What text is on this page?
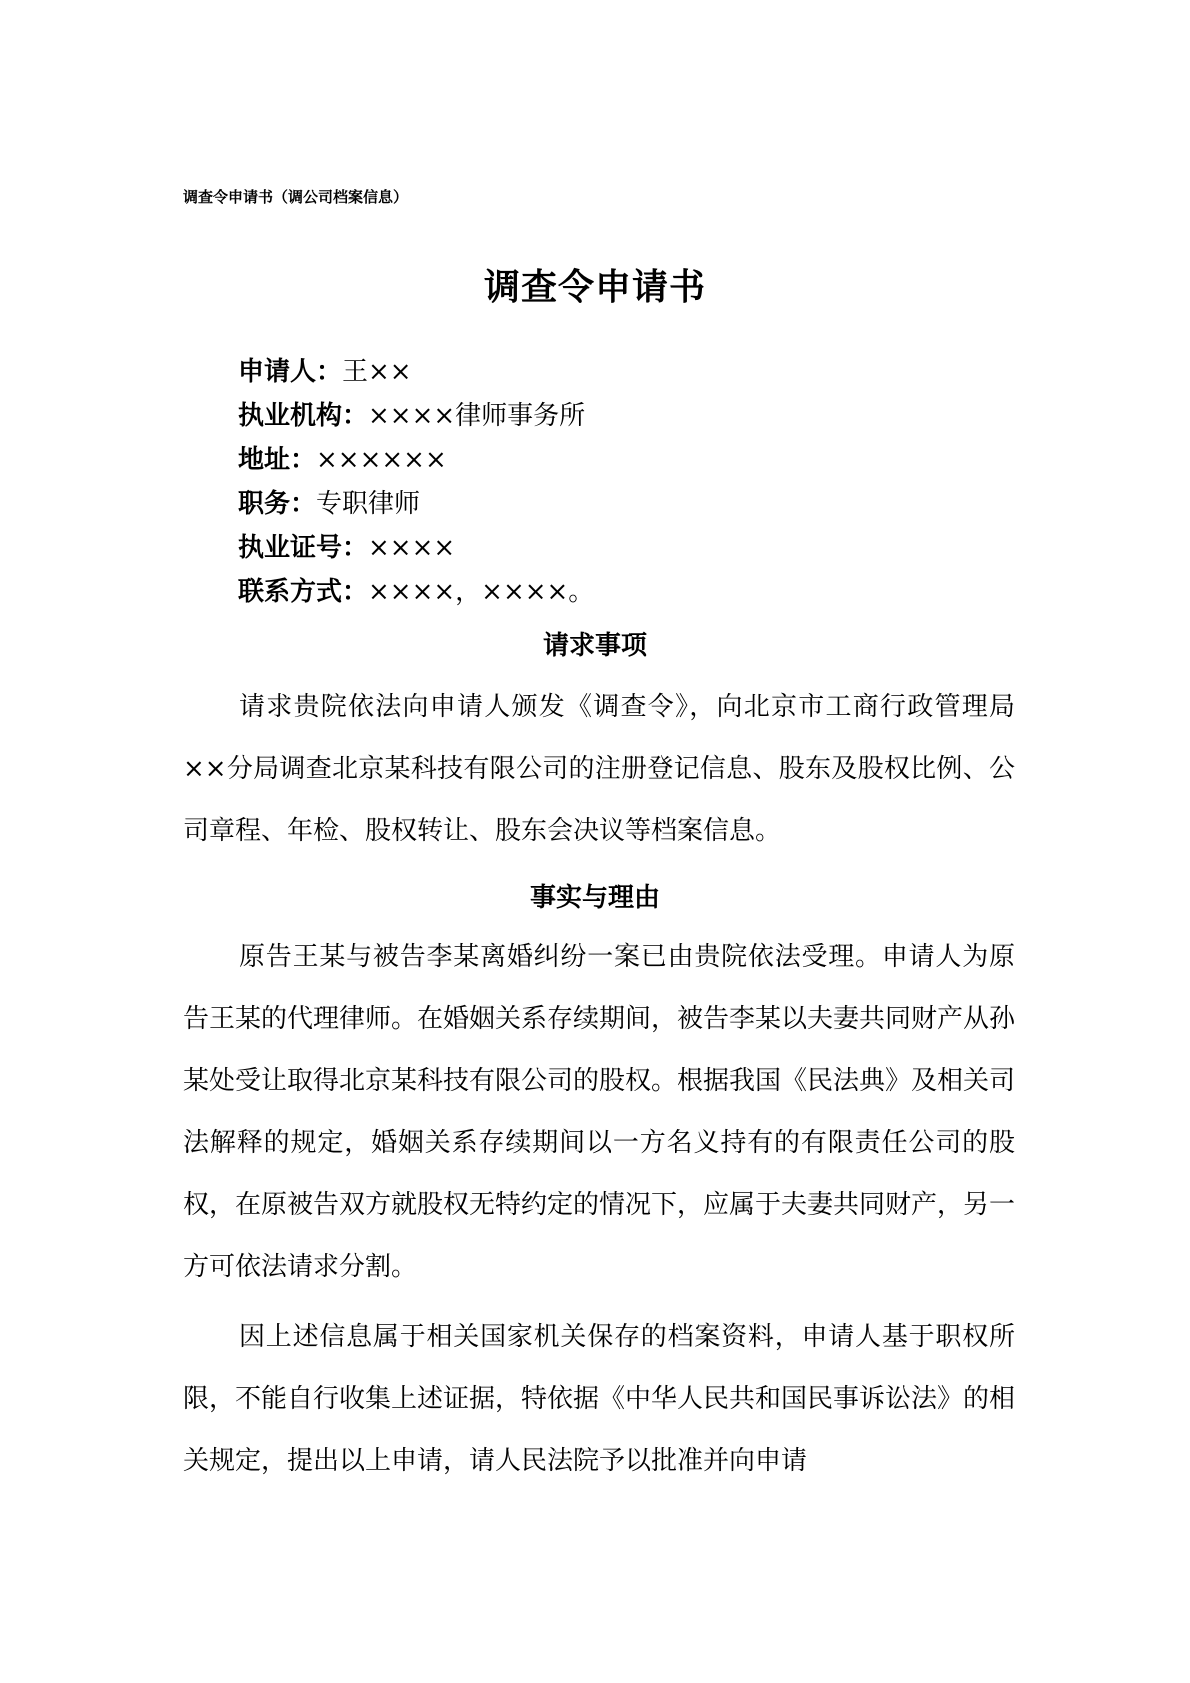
调查令申请书（调公司档案信息）
调查令申请书
申请人：王××
执业机构：××××律师事务所
地址：××××××
职务：专职律师
执业证号：××××
联系方式：××××，××××。
请求事项

请求贵院依法向申请人颁发《调查令》，向北京市工商行政管理局××分局调查北京某科技有限公司的注册登记信息、股东及股权比例、公司章程、年检、股权转让、股东会决议等档案信息。

事实与理由

原告王某与被告李某离婚纠纷一案已由贵院依法受理。申请人为原告王某的代理律师。在婚姻关系存续期间，被告李某以夫妻共同财产从孙某处受让取得北京某科技有限公司的股权。根据我国《民法典》及相关司法解释的规定，婚姻关系存续期间以一方名义持有的有限责任公司的股权，在原被告双方就股权无特约定的情况下，应属于夫妻共同财产，另一方可依法请求分割。

因上述信息属于相关国家机关保存的档案资料，申请人基于职权所限，不能自行收集上述证据，特依据《中华人民共和国民事诉讼法》的相关规定，提出以上申请，请人民法院予以批准并向申请
